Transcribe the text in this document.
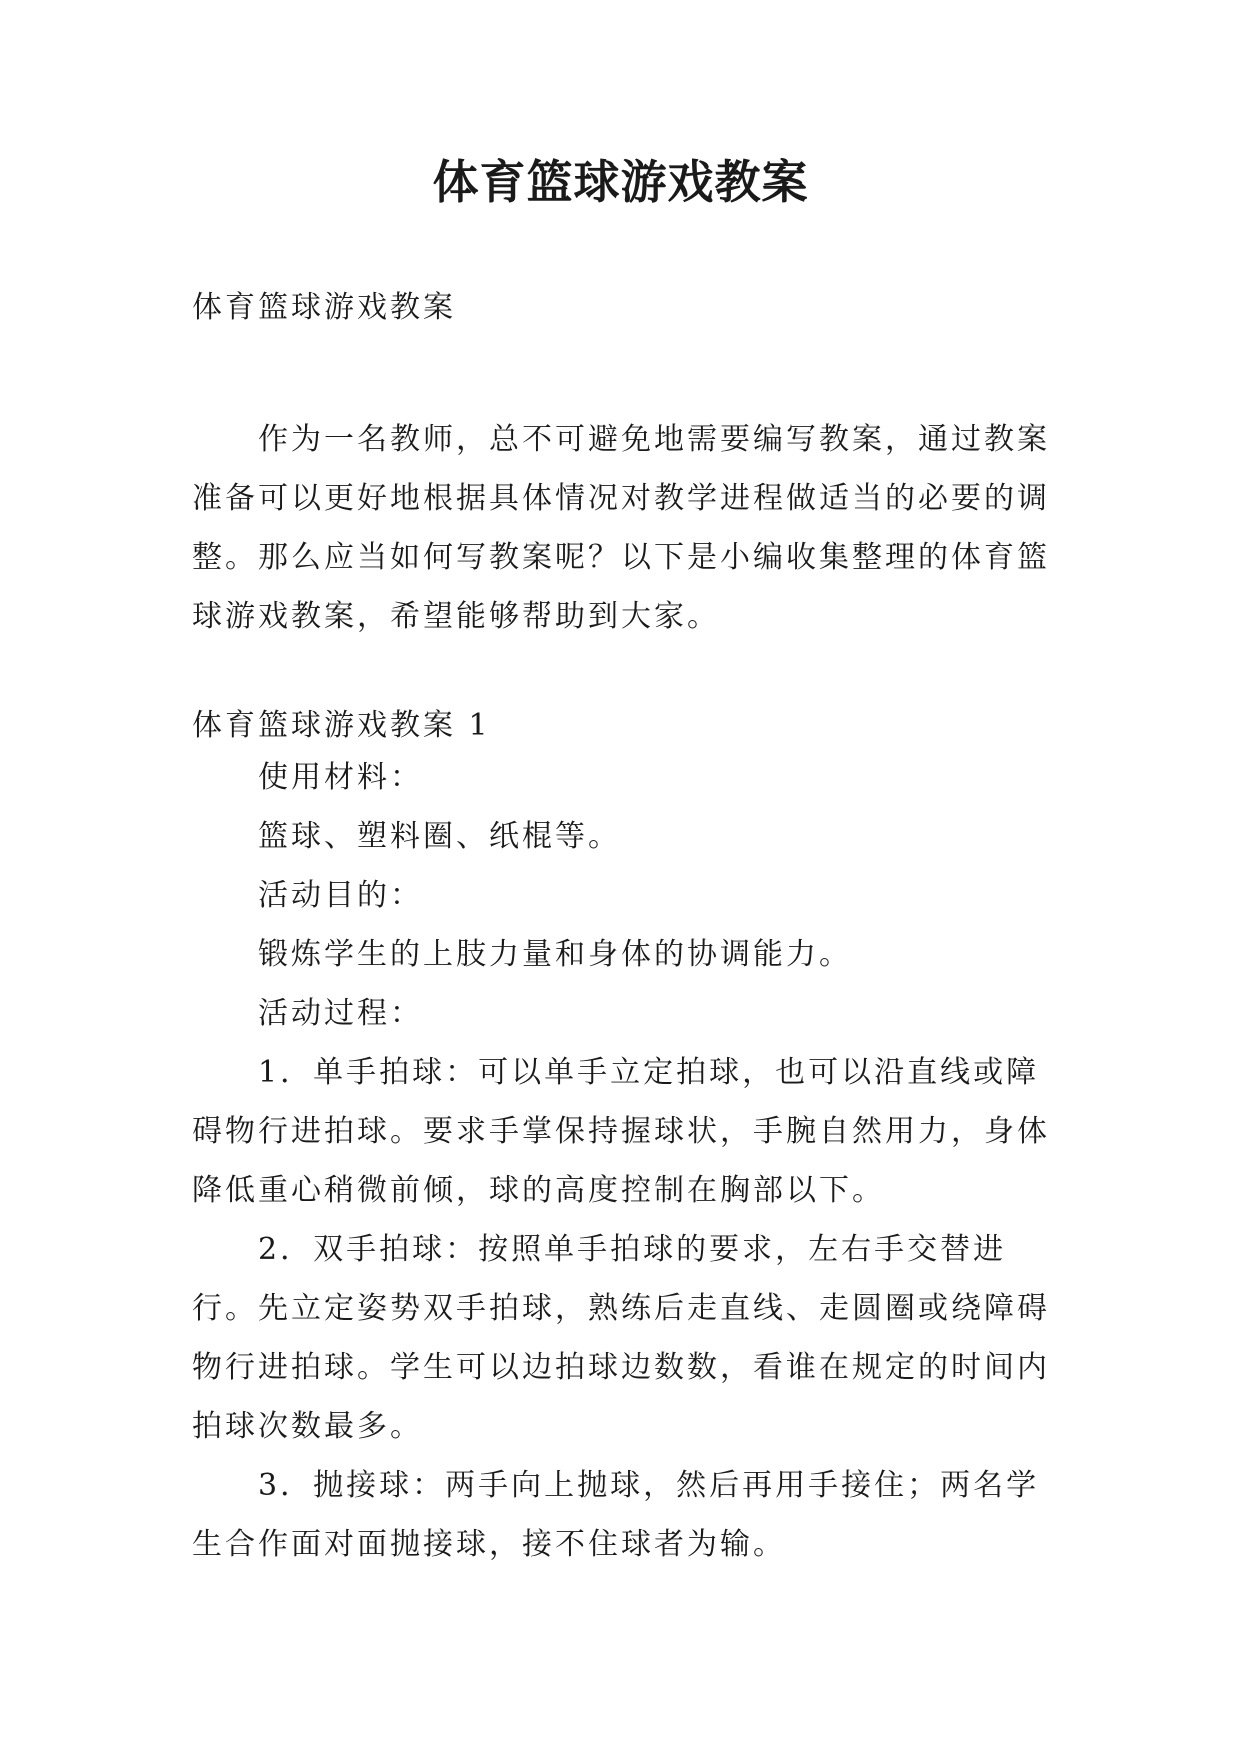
体育篮球游戏教案

体育篮球游戏教案

作为一名教师，总不可避免地需要编写教案，通过教案准备可以更好地根据具体情况对教学进程做适当的必要的调整。那么应当如何写教案呢？以下是小编收集整理的体育篮球游戏教案，希望能够帮助到大家。

体育篮球游戏教案 1

使用材料：

篮球、塑料圈、纸棍等。

活动目的：

锻炼学生的上肢力量和身体的协调能力。

活动过程：

1．单手拍球：可以单手立定拍球，也可以沿直线或障碍物行进拍球。要求手掌保持握球状，手腕自然用力，身体降低重心稍微前倾，球的高度控制在胸部以下。

2．双手拍球：按照单手拍球的要求，左右手交替进行。先立定姿势双手拍球，熟练后走直线、走圆圈或绕障碍物行进拍球。学生可以边拍球边数数，看谁在规定的时间内拍球次数最多。

3．抛接球：两手向上抛球，然后再用手接住；两名学生合作面对面抛接球，接不住球者为输。
